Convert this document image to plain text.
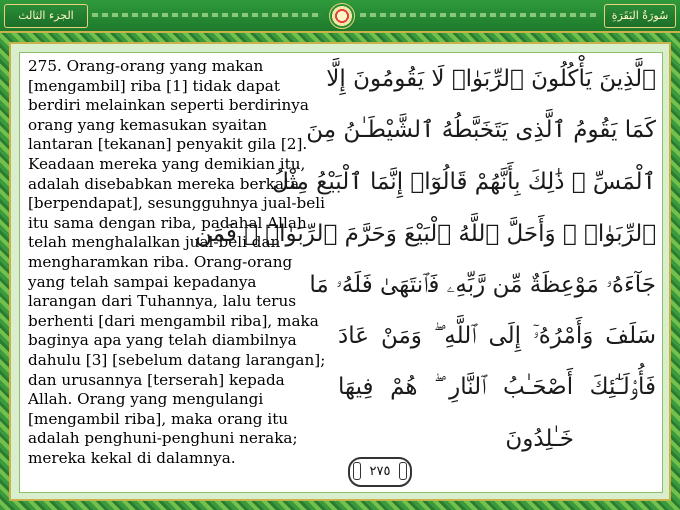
الجزء الثالث	سُورَةُ البَقَرَةِ
275. Orang-orang yang makan [mengambil] riba [1] tidak dapat berdiri melainkan seperti berdirinya orang yang kemasukan syaitan lantaran [tekanan] penyakit gila [2]. Keadaan mereka yang demikian itu, adalah disebabkan mereka berkata [berpendapat], sesungguhnya jual-beli itu sama dengan riba, padahal Allah telah menghalalkan jual-beli dan mengharamkan riba. Orang-orang yang telah sampai kepadanya larangan dari Tuhannya, lalu terus berhenti [dari mengambil riba], maka baginya apa yang telah diambilnya dahulu [3] [sebelum datang larangan]; dan urusannya [terserah] kepada Allah. Orang yang mengulangi [mengambil riba], maka orang itu adalah penghuni-penghuni neraka; mereka kekal di dalamnya.
ٱلَّذِينَ يَأْكُلُونَ ٱلرِّبَوٰا۟ لَا يَقُومُونَ إِلَّا
كَمَا يَقُومُ ٱلَّذِى يَتَخَبَّطُهُ ٱلشَّيْطَـٰنُ مِنَ
ٱلْمَسِّ ۚ ذَٰلِكَ بِأَنَّهُمْ قَالُوٓا۟ إِنَّمَا ٱلْبَيْعُ مِثْلُ
ٱلرِّبَوٰا۟ ۗ وَأَحَلَّ ٱللَّهُ ٱلْبَيْعَ وَحَرَّمَ ٱلرِّبَوٰا۟ ۚ فَمَن
جَآءَهُۥ مَوْعِظَةٌ مِّن رَّبِّهِۦ فَٱنتَهَىٰ فَلَهُۥ مَا
سَلَفَ وَأَمْرُهُۥٓ إِلَى ٱللَّهِ ۖ وَمَنْ عَادَ
فَأُو۟لَـٰٓئِكَ أَصْحَـٰبُ ٱلنَّارِ ۖ هُمْ فِيهَا
خَـٰلِدُونَ
٢٧٥
